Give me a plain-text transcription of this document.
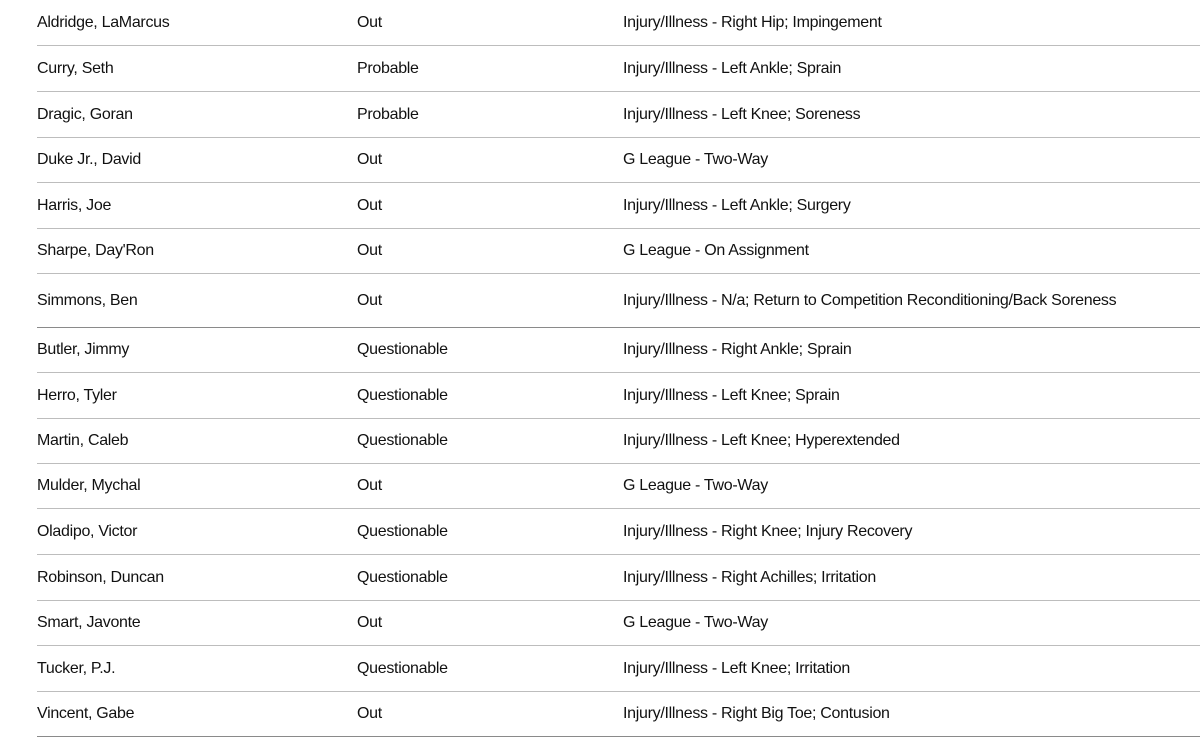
	Aldridge, LaMarcus	Out	Injury/Illness - Right Hip; Impingement
	Curry, Seth	Probable	Injury/Illness - Left Ankle; Sprain
	Dragic, Goran	Probable	Injury/Illness - Left Knee; Soreness
	Duke Jr., David	Out	G League - Two-Way
	Harris, Joe	Out	Injury/Illness - Left Ankle; Surgery
	Sharpe, Day'Ron	Out	G League - On Assignment
	Simmons, Ben	Out	Injury/Illness - N/a; Return to Competition Reconditioning/Back Soreness
	Butler, Jimmy	Questionable	Injury/Illness - Right Ankle; Sprain
	Herro, Tyler	Questionable	Injury/Illness - Left Knee; Sprain
	Martin, Caleb	Questionable	Injury/Illness - Left Knee; Hyperextended
	Mulder, Mychal	Out	G League - Two-Way
	Oladipo, Victor	Questionable	Injury/Illness - Right Knee; Injury Recovery
	Robinson, Duncan	Questionable	Injury/Illness - Right Achilles; Irritation
	Smart, Javonte	Out	G League - Two-Way
	Tucker, P.J.	Questionable	Injury/Illness - Left Knee; Irritation
	Vincent, Gabe	Out	Injury/Illness - Right Big Toe; Contusion
